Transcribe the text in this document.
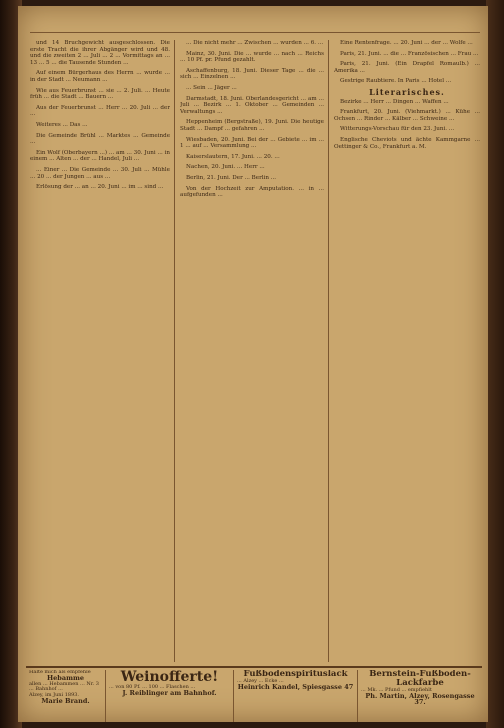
und 14 Bruchgewicht ausgeschlossen. Die erste Tracht die ihrer Abgänger wird und 48. und die zweiten 2 ... Juli ... 2 ... Vormittags an ... 13 ... 5 ... die Tausende Stunden ...

Auf einem Bürgerhaus des Herrn ... wurde ... in der Stadt ... Neumann ...

Wie aus Feuerbrunst ... sie ... 2. Juli. ... Heute früh ... die Stadt ... Bauern ...

Aus der Feuerbrunst ... Herr ... 20. Juli ... der ...

Weiteres ... Das ...

Die Gemeinde Brühl ... Marktes ... Gemeinde ...

Ein Wolf (Oberbayern ...) ... am ... 30. Juni ... in einem ... Alten ... der ... Handel, Juli ...

... Einer ... Die Gemeinde ... 30. Juli ... Mühle ... 20 ... der Jungen ... aus ...

Erlösung der ... an ... 20. Juni ... im ... sind ...

... Die nicht mehr ... Zwischen ... wurden ... 6. ...

Mainz, 30. Juni. Die ... wurde ... nach ... Reichs ... 10 Pf. pr. Pfund gezahlt.

Aschaffenburg, 18. Juni. Dieser Tage ... die ... sich ... Einzelnen ...

... Sein ... Jäger ...

Darmstadt, 18. Juni. Oberlandesgericht ... am ... Juli ... Bezirk ... 1. Oktober ... Gemeinden ... Verwaltungs ...

Heppenheim (Bergstraße), 19. Juni. Die heutige Stadt ... Dampf ... gefahren ...

Wiesbaden, 20. Juni. Bei der ... Gebiete ... im ... 1 ... auf ... Versammlung ...

Kaiserslautern, 17. Juni. ... 20. ...

Nachen, 20. Juni. ... Herr ...

Berlin, 21. Juni. Der ... Berlin ...

Von der Hochzeit zur Amputation. ... in ... aufgefunden ...

Eine Rentenfrage. ... 20. Juni ... der ... Wolfe ...

Paris, 21. Juni. ... die ... Französischen ... Frau ...

Paris, 21. Juni. (Ein Drapfel Romaulb.) ... Amerika ...

Gestrige Raubtiere. In Paris ... Hotel ...

Literarisches.

Bezirke ... Herr ... Dingen ... Waffen ...

Frankfurt, 20. Juni. (Viehmarkt.) ... Kühe ... Ochsen ... Rinder ... Kälber ... Schweine ...

Witterungs-Vorschau für den 23. Juni. ...

Englische Cheviots und ächte Kammgarne ... Oettinger & Co., Frankfurt a. M.

Halte mich als empfehle
Hebamme
allen ... Hebammen ... Nr. 3 ... Bahnhof ...
Alzey, im Juni 1893.
Marie Brand.
Weinofferte!
... von 80 Pf. ... 100 ... Flaschen ...
J. Reiblinger am Bahnhof.
Fußbodenspirituslack
... Alzey ... Ecke ...
Heinrich Kandel, Spiesgasse 47
Bernstein-Fußboden-Lackfarbe
... Mk. ... Pfund ... empfiehlt
Ph. Martin, Alzey, Rosengasse 37.
